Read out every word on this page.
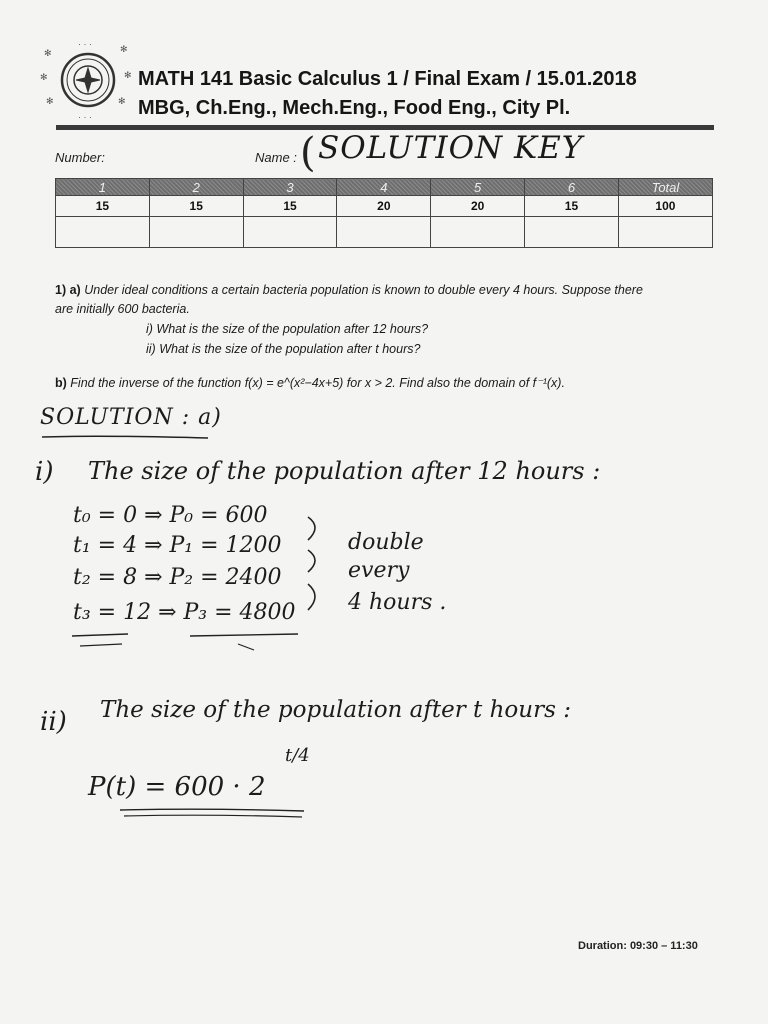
✻
✻
✻
✻
✻
✻
· · ·
· · ·
MATH 141 Basic Calculus 1 / Final Exam / 15.01.2018
MBG, Ch.Eng., Mech.Eng., Food Eng., City Pl.
Number:	Name : ( SOLUTION KEY
1	2	3	4	5	6	Total
15	15	15	20	20	15	100

1) a) Under ideal conditions a certain bacteria population is known to double every 4 hours. Suppose there
are initially 600 bacteria.
i) What is the size of the population after 12 hours?
ii) What is the size of the population after t hours?
b) Find the inverse of the function f(x) = e^(x²−4x+5) for x > 2. Find also the domain of f⁻¹(x).
SOLUTION : a)
i) The size of the population after 12 hours :
t₀ = 0 ⇒ P₀ = 600
t₁ = 4 ⇒ P₁ = 1200
t₂ = 8 ⇒ P₂ = 2400
t₃ = 12 ⇒ P₃ = 4800
double
every
4 hours .
ii) The size of the population after t hours :
P(t) = 600 · 2
t/4
Duration: 09:30 – 11:30
